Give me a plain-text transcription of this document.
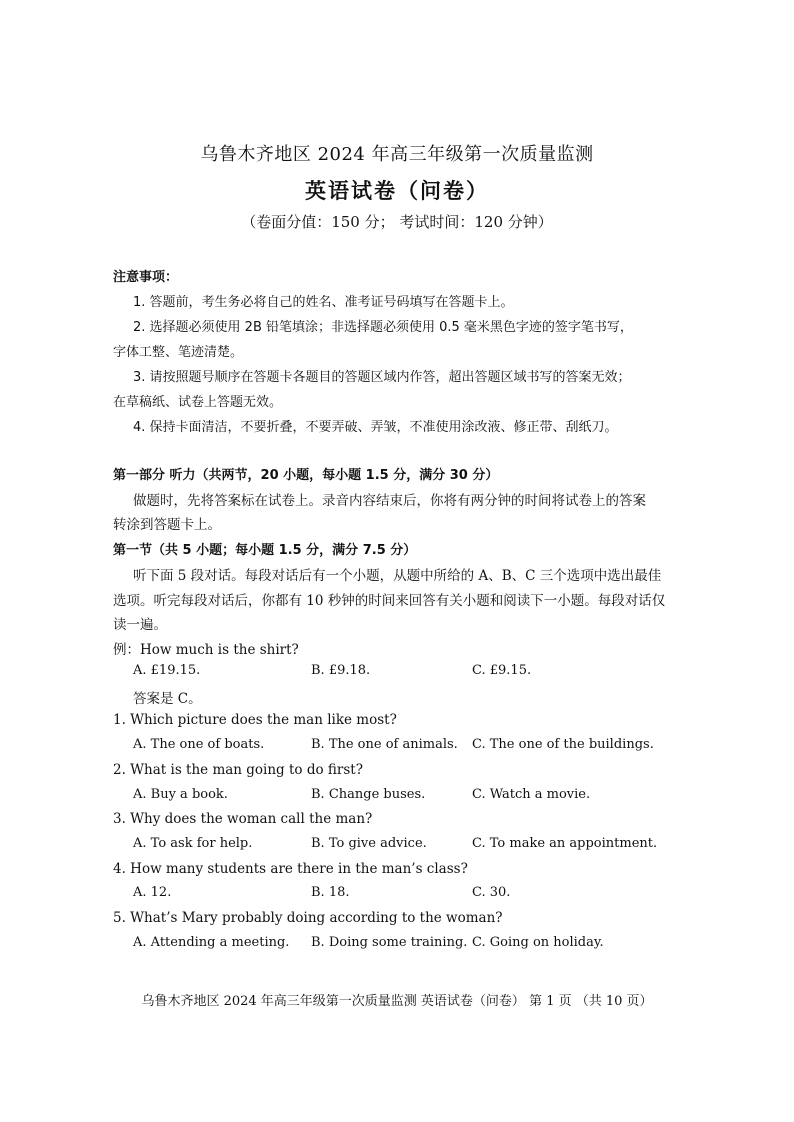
乌鲁木齐地区 2024 年高三年级第一次质量监测
英语试卷（问卷）
（卷面分值：150 分； 考试时间：120 分钟）
注意事项：
1. 答题前，考生务必将自己的姓名、准考证号码填写在答题卡上。
2. 选择题必须使用 2B 铅笔填涂；非选择题必须使用 0.5 毫米黑色字迹的签字笔书写，
字体工整、笔迹清楚。
3. 请按照题号顺序在答题卡各题目的答题区域内作答，超出答题区域书写的答案无效；
在草稿纸、试卷上答题无效。
4. 保持卡面清洁，不要折叠，不要弄破、弄皱，不准使用涂改液、修正带、刮纸刀。
第一部分 听力（共两节，20 小题，每小题 1.5 分，满分 30 分）
做题时，先将答案标在试卷上。录音内容结束后，你将有两分钟的时间将试卷上的答案
转涂到答题卡上。
第一节（共 5 小题；每小题 1.5 分，满分 7.5 分）
听下面 5 段对话。每段对话后有一个小题，从题中所给的 A、B、C 三个选项中选出最佳
选项。听完每段对话后，你都有 10 秒钟的时间来回答有关小题和阅读下一小题。每段对话仅
读一遍。
例：How much is the shirt?
A. £19.15.	B. £9.18.	C. £9.15.
答案是 C。
1. Which picture does the man like most?
A. The one of boats.	B. The one of animals. C. The one of the buildings.
2. What is the man going to do first?
A. Buy a book.	B. Change buses.	C. Watch a movie.
3. Why does the woman call the man?
A. To ask for help.	B. To give advice.	C. To make an appointment.
4. How many students are there in the man’s class?
A. 12.	B. 18.	C. 30.
5. What’s Mary probably doing according to the woman?
A. Attending a meeting. B. Doing some training. C. Going on holiday.
乌鲁木齐地区 2024 年高三年级第一次质量监测 英语试卷（问卷） 第 1 页 （共 10 页）
